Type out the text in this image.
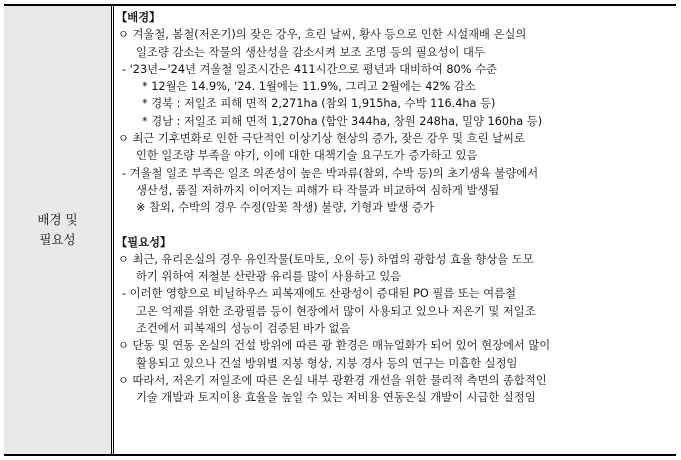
배경 및
필요성
【배경】
ㅇ 겨울철, 봄철(저온기)의 잦은 강우, 흐린 날씨, 황사 등으로 인한 시설재배 온실의
일조량 감소는 작물의 생산성을 감소시켜 보조 조명 등의 필요성이 대두
- '23년~'24년 겨울철 일조시간은 411시간으로 평년과 대비하여 80% 수준
* 12월은 14.9%, '24. 1월에는 11.9%, 그리고 2월에는 42% 감소
* 경북 : 저일조 피해 면적 2,271ha (참외 1,915ha, 수박 116.4ha 등)
* 경남 : 저일조 피해 면적 1,270ha (함안 344ha, 창원 248ha, 밀양 160ha 등)
ㅇ 최근 기후변화로 인한 극단적인 이상기상 현상의 증가, 잦은 강우 및 흐린 날씨로
인한 일조량 부족을 야기, 이에 대한 대책기술 요구도가 증가하고 있음
- 겨울철 일조 부족은 일조 의존성이 높은 박과류(참외, 수박 등)의 초기생육 불량에서
생산성, 품질 저하까지 이어지는 피해가 타 작물과 비교하여 심하게 발생됨
※ 참외, 수박의 경우 수정(암꽃 착생) 불량, 기형과 발생 증가
【필요성】
ㅇ 최근, 유리온실의 경우 유인작물(토마토, 오이 등) 하엽의 광합성 효율 향상을 도모
하기 위하여 저철분 산란광 유리를 많이 사용하고 있음
- 이러한 영향으로 비닐하우스 피복재에도 산광성이 증대된 PO 필름 또는 여름철
고온 억제를 위한 조광필름 등이 현장에서 많이 사용되고 있으나 저온기 및 저일조
조건에서 피복재의 성능이 검증된 바가 없음
ㅇ 단동 및 연동 온실의 건설 방위에 따른 광 환경은 매뉴얼화가 되어 있어 현장에서 많이
활용되고 있으나 건설 방위별 지붕 형상, 지붕 경사 등의 연구는 미흡한 실정임
ㅇ 따라서, 저온기 저일조에 따른 온실 내부 광환경 개선을 위한 물리적 측면의 종합적인
기술 개발과 토지이용 효율을 높일 수 있는 저비용 연동온실 개발이 시급한 실정임
